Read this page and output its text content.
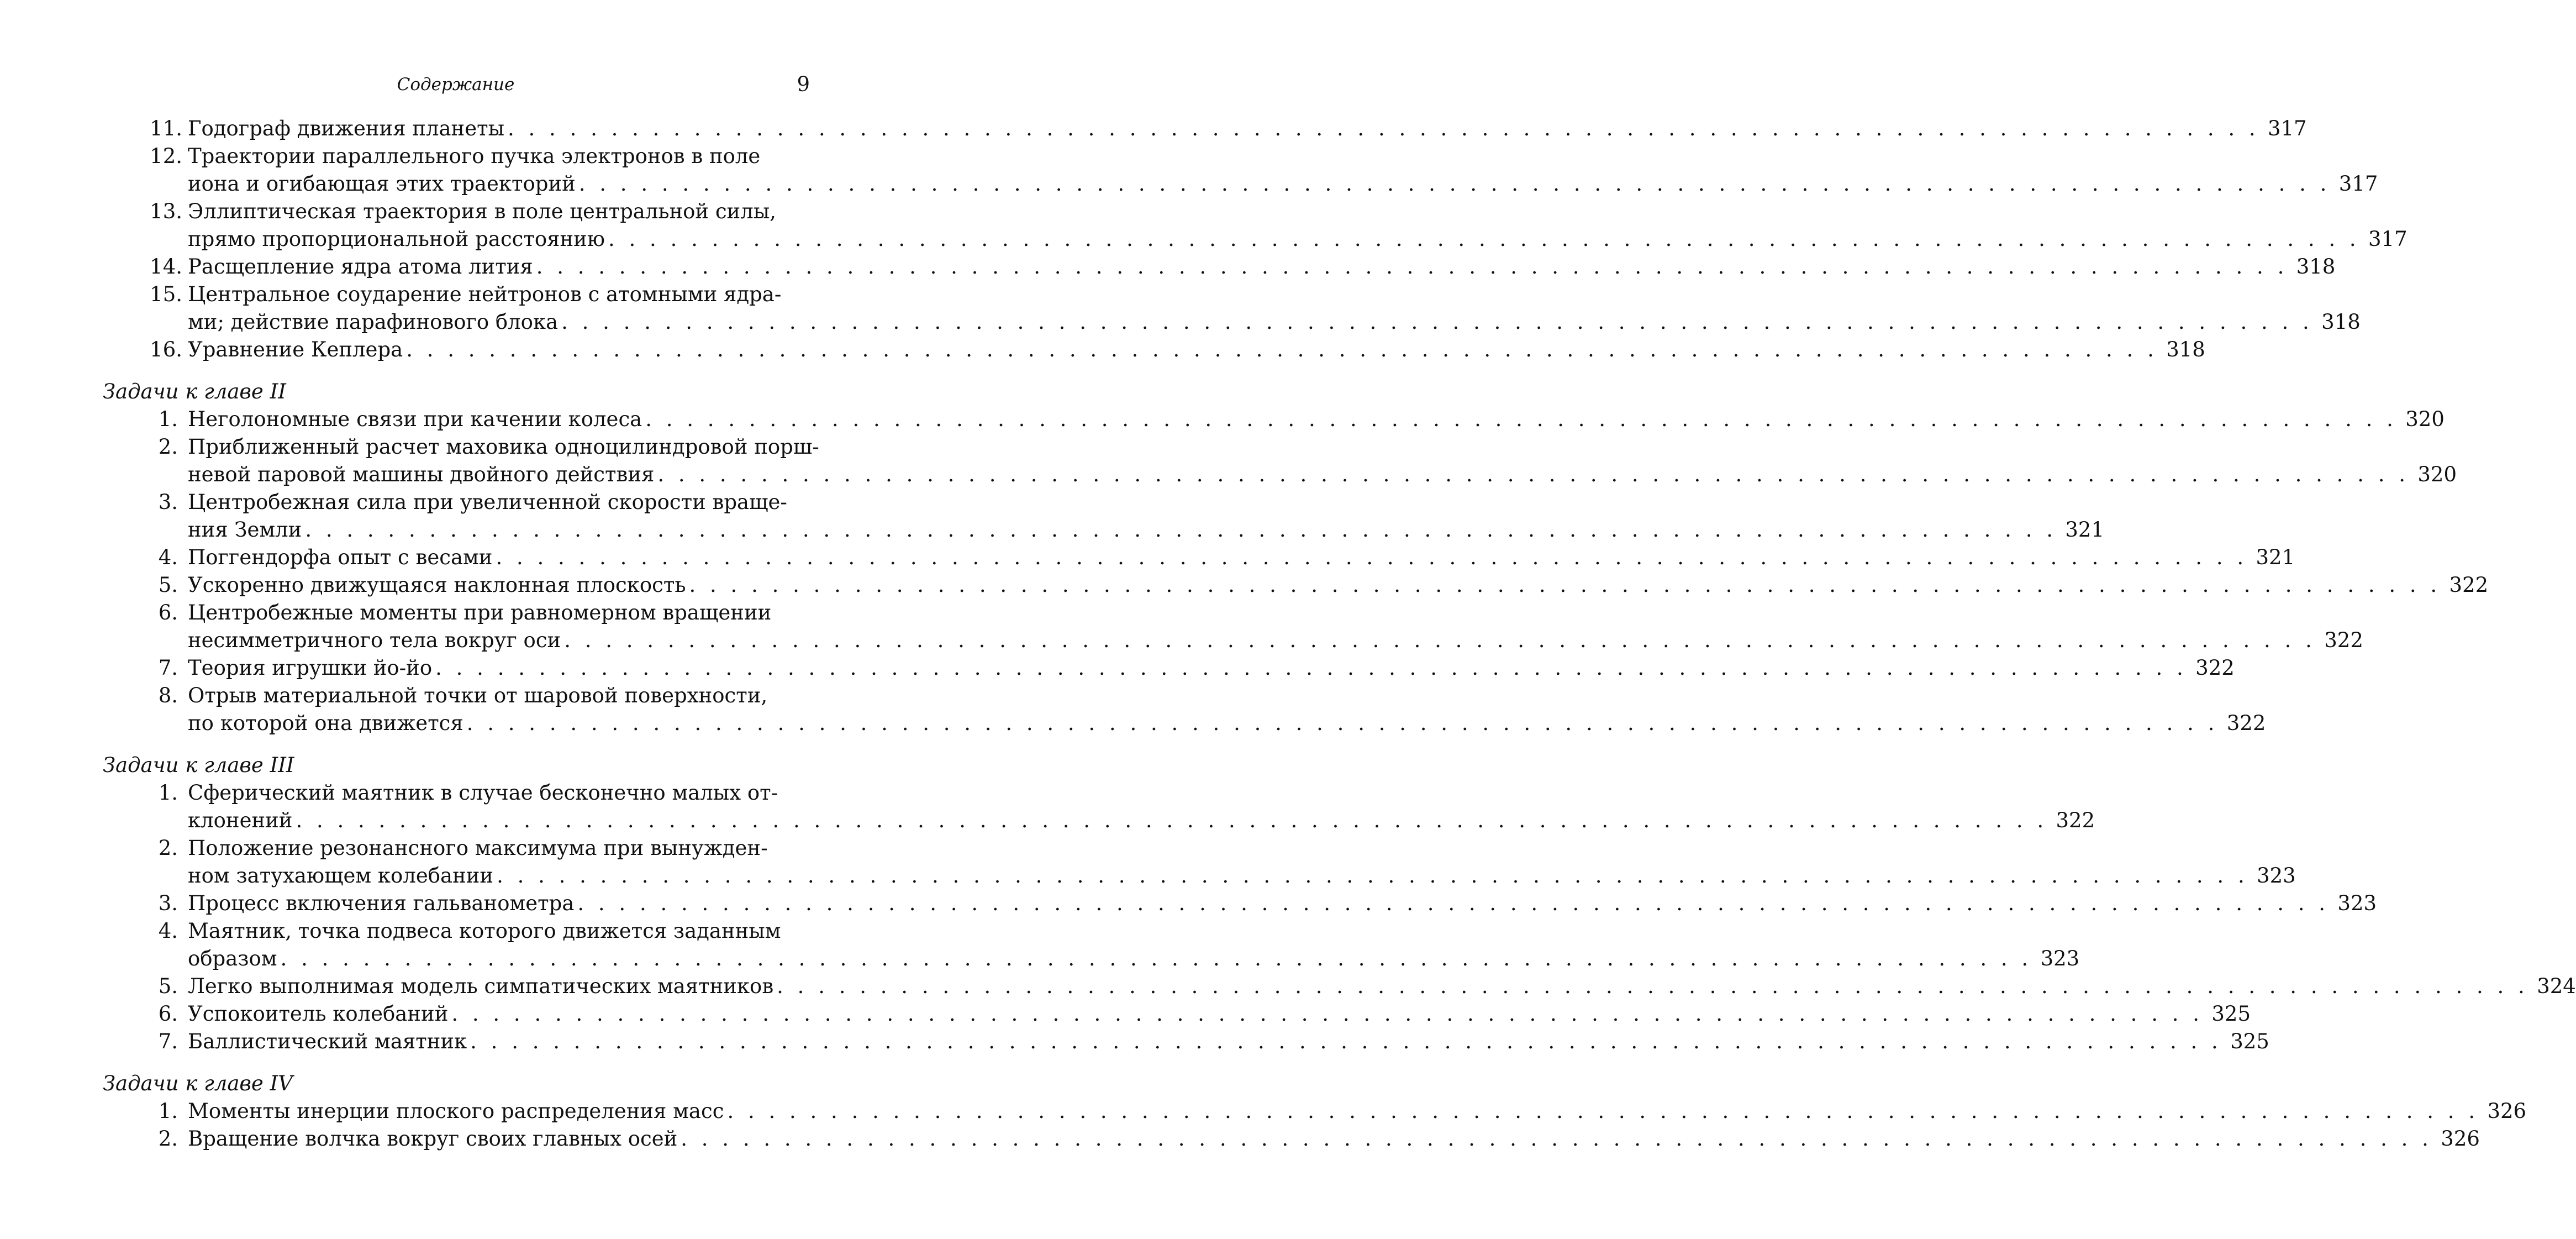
Содержание	9
11. Годограф движения планеты . . .	317
12. Траектории параллельного пучка электронов в поле
иона и огибающая этих траекторий . . .	317
13. Эллиптическая траектория в поле центральной силы,
прямо пропорциональной расстоянию . . .	317
14. Расщепление ядра атома лития . . .	318
15. Центральное соударение нейтронов с атомными ядра-
ми; действие парафинового блока . . .	318
16. Уравнение Кеплера . . .	318
Задачи к главе II
1. Неголономные связи при качении колеса . . .	320
2. Приближенный расчет маховика одноцилиндровой порш-
невой паровой машины двойного действия . . .	320
3. Центробежная сила при увеличенной скорости враще-
ния Земли . . .	321
4. Поггендорфа опыт с весами . . .	321
5. Ускоренно движущаяся наклонная плоскость . . .	322
6. Центробежные моменты при равномерном вращении
несимметричного тела вокруг оси . . .	322
7. Теория игрушки йо-йо . . .	322
8. Отрыв материальной точки от шаровой поверхности,
по которой она движется . . .	322
Задачи к главе III
1. Сферический маятник в случае бесконечно малых от-
клонений . . .	322
2. Положение резонансного максимума при вынужден-
ном затухающем колебании . . .	323
3. Процесс включения гальванометра . . .	323
4. Маятник, точка подвеса которого движется заданным
образом . . .	323
5. Легко выполнимая модель симпатических маятников . . .	324
6. Успокоитель колебаний . . .	325
7. Баллистический маятник . . .	325
Задачи к главе IV
1. Моменты инерции плоского распределения масс . . .	326
2. Вращение волчка вокруг своих главных осей . . .	326
